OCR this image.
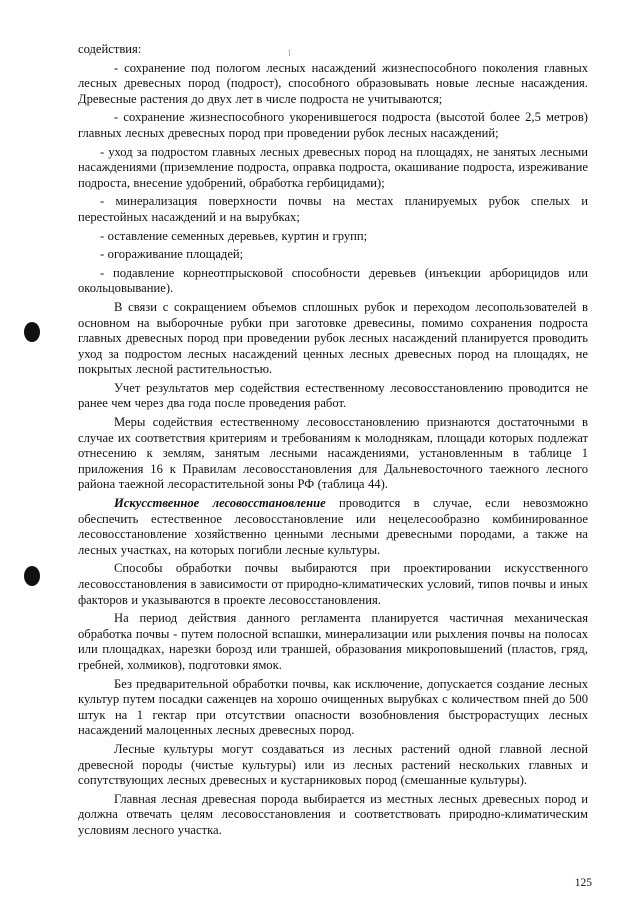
содействия:

- сохранение под пологом лесных насаждений жизнеспособного поколения главных лесных древесных пород (подрост), способного образовывать новые лесные насаждения. Древесные растения до двух лет в числе подроста не учитываются;

- сохранение жизнеспособного укоренившегося подроста (высотой более 2,5 метров) главных лесных древесных пород при проведении рубок лесных насаждений;

- уход за подростом главных лесных древесных пород на площадях, не занятых лесными насаждениями (приземление подроста, оправка подроста, окашивание подроста, изреживание подроста, внесение удобрений, обработка гербицидами);

- минерализация поверхности почвы на местах планируемых рубок спелых и перестойных насаждений и на вырубках;

- оставление семенных деревьев, куртин и групп;

- огораживание площадей;

- подавление корнеотпрысковой способности деревьев (инъекции арборицидов или окольцовывание).

В связи с сокращением объемов сплошных рубок и переходом лесопользователей в основном на выборочные рубки при заготовке древесины, помимо сохранения подроста главных древесных пород при проведении рубок лесных насаждений планируется проводить уход за подростом лесных насаждений ценных лесных древесных пород на площадях, не покрытых лесной растительностью.

Учет результатов мер содействия естественному лесовосстановлению проводится не ранее чем через два года после проведения работ.

Меры содействия естественному лесовосстановлению признаются достаточными в случае их соответствия критериям и требованиям к молоднякам, площади которых подлежат отнесению к землям, занятым лесными насаждениями, установленным в таблице 1 приложения 16 к Правилам лесовосстановления для Дальневосточного таежного лесного района таежной лесорастительной зоны РФ (таблица 44).

Искусственное лесовосстановление проводится в случае, если невозможно обеспечить естественное лесовосстановление или нецелесообразно комбинированное лесовосстановление хозяйственно ценными лесными древесными породами, а также на лесных участках, на которых погибли лесные культуры.

Способы обработки почвы выбираются при проектировании искусственного лесовосстановления в зависимости от природно-климатических условий, типов почвы и иных факторов и указываются в проекте лесовосстановления.

На период действия данного регламента планируется частичная механическая обработка почвы - путем полосной вспашки, минерализации или рыхления почвы на полосах или площадках, нарезки борозд или траншей, образования микроповышений (пластов, гряд, гребней, холмиков), подготовки ямок.

Без предварительной обработки почвы, как исключение, допускается создание лесных культур путем посадки саженцев на хорошо очищенных вырубках с количеством пней до 500 штук на 1 гектар при отсутствии опасности возобновления быстрорастущих лесных насаждений малоценных лесных древесных пород.

Лесные культуры могут создаваться из лесных растений одной главной лесной древесной породы (чистые культуры) или из лесных растений нескольких главных и сопутствующих лесных древесных и кустарниковых пород (смешанные культуры).

Главная лесная древесная порода выбирается из местных лесных древесных пород и должна отвечать целям лесовосстановления и соответствовать природно-климатическим условиям лесного участка.

⁝
125
